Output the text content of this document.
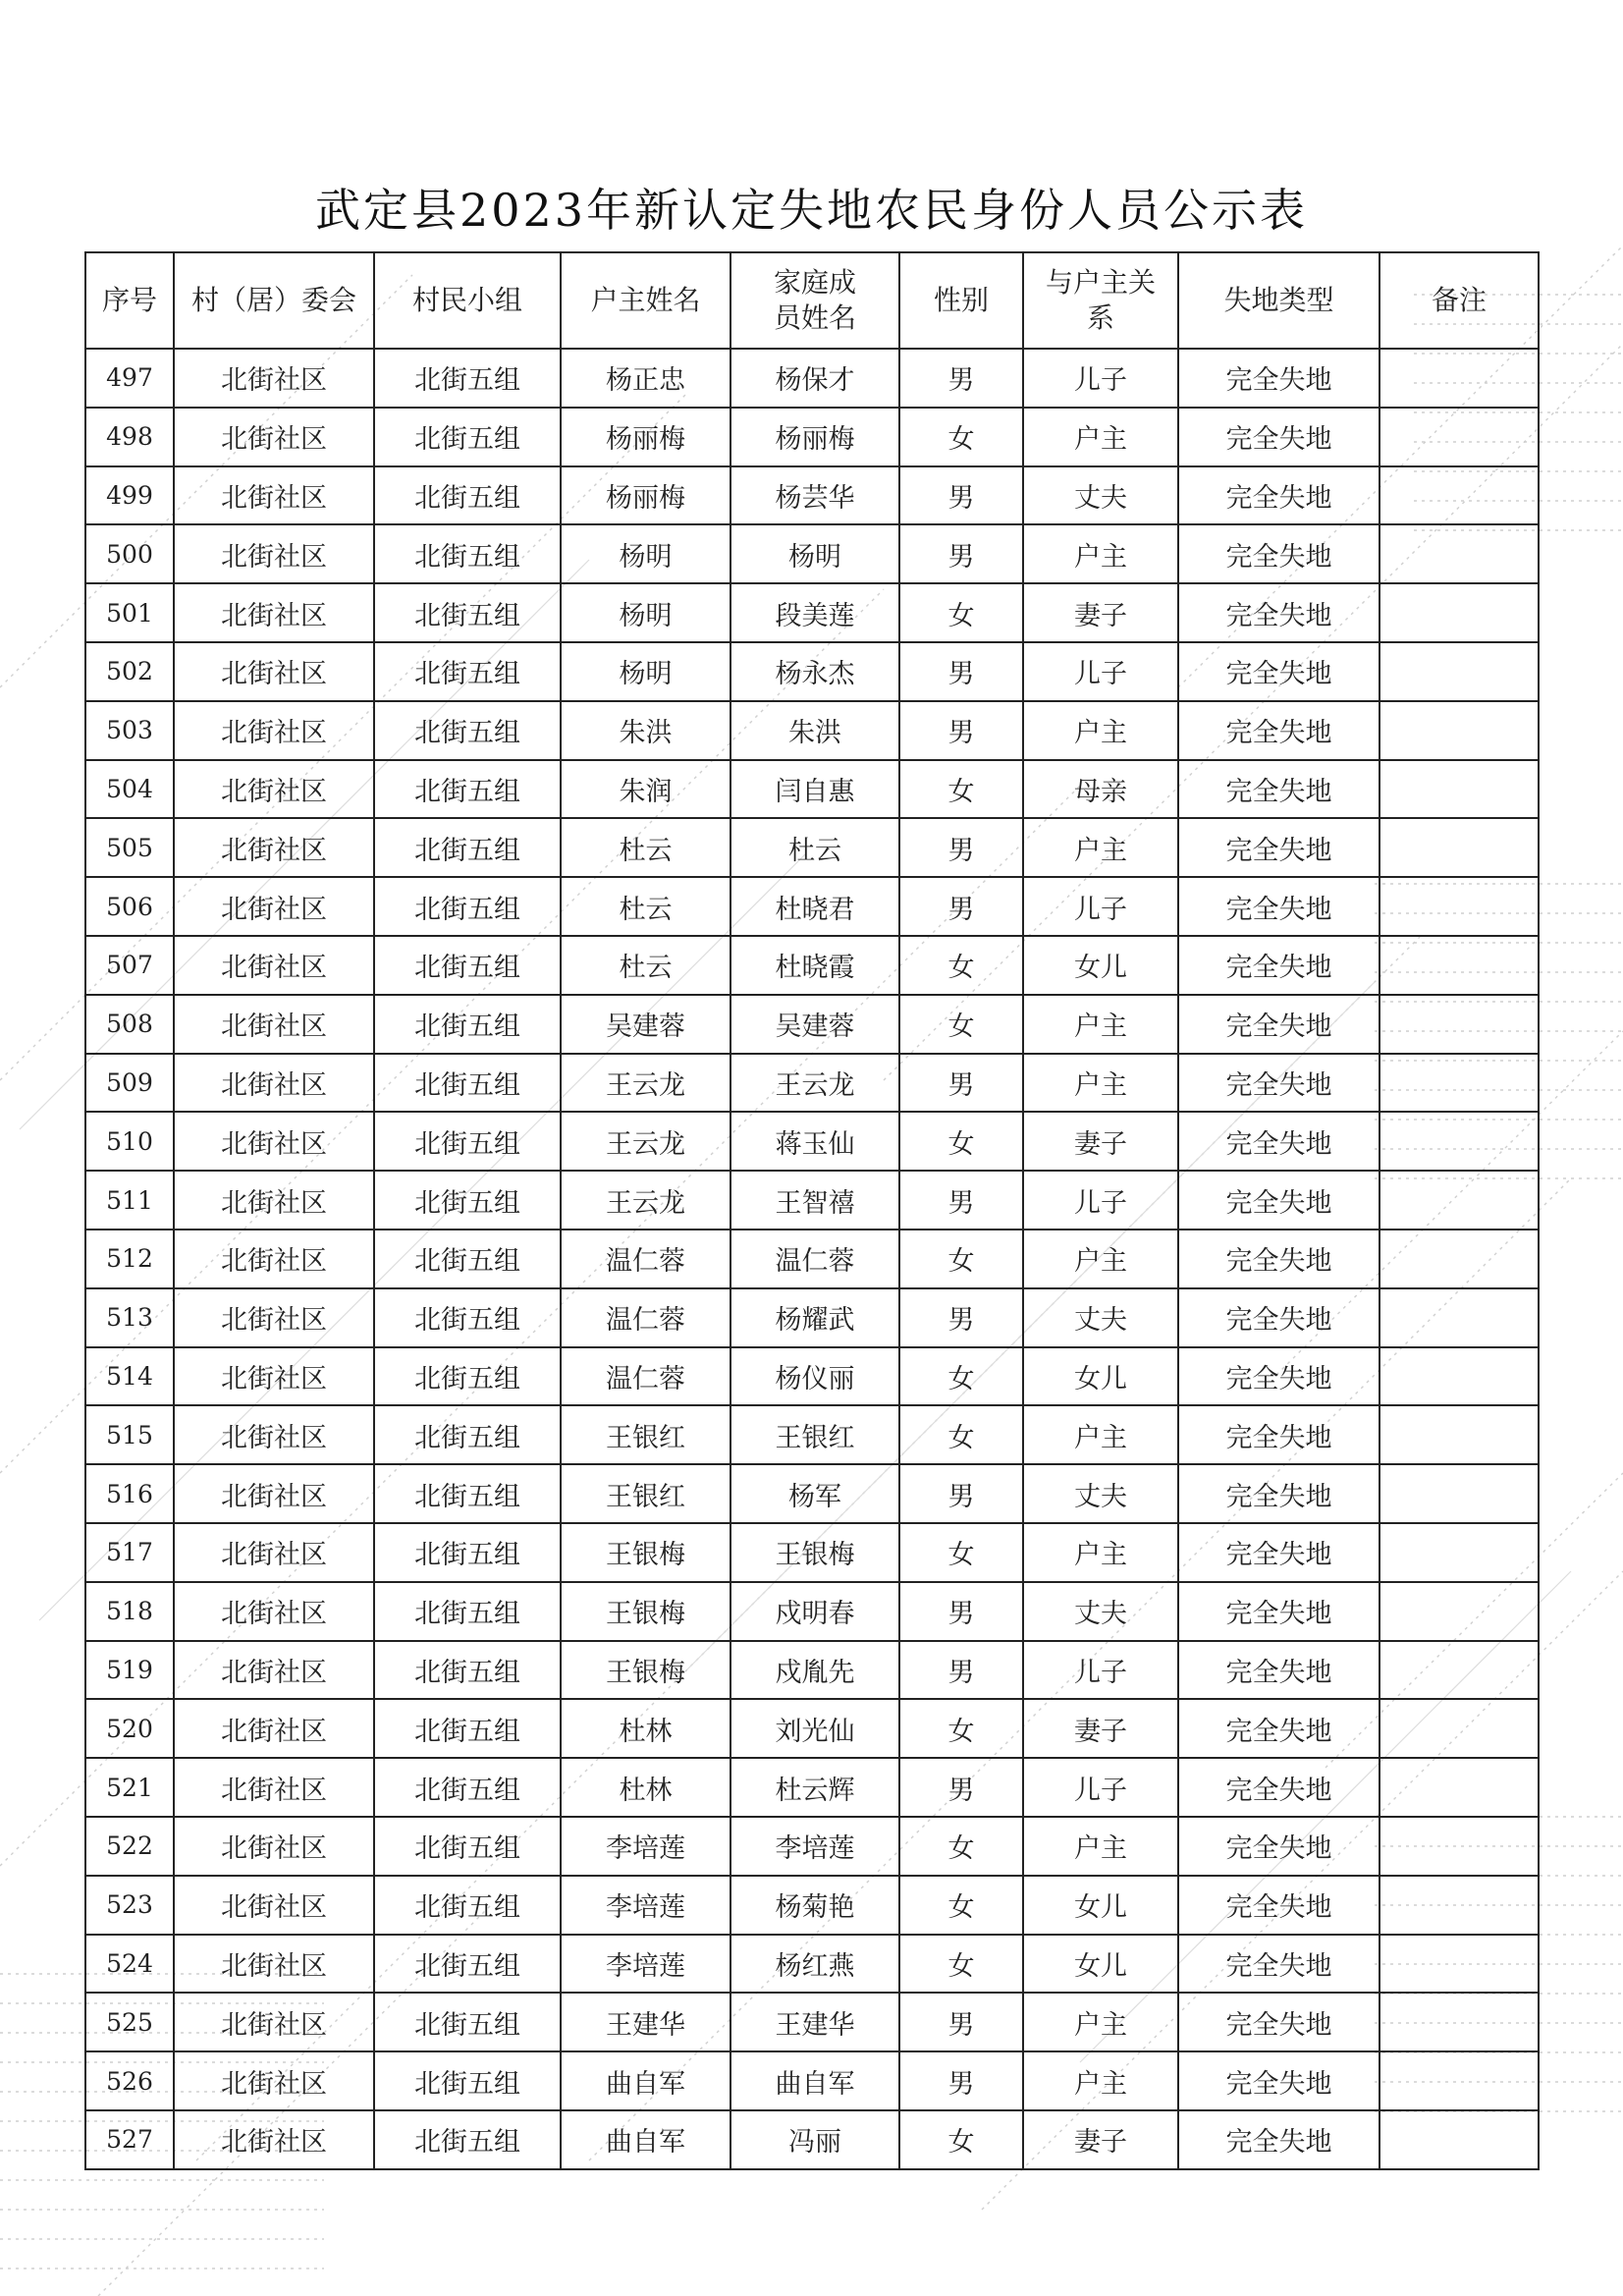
武定县2023年新认定失地农民身份人员公示表
序号	村（居）委会	村民小组	户主姓名	家庭成员姓名	性别	与户主关系	失地类型	备注
497	北街社区	北街五组	杨正忠	杨保才	男	儿子	完全失地	
498	北街社区	北街五组	杨丽梅	杨丽梅	女	户主	完全失地	
499	北街社区	北街五组	杨丽梅	杨芸华	男	丈夫	完全失地	
500	北街社区	北街五组	杨明	杨明	男	户主	完全失地	
501	北街社区	北街五组	杨明	段美莲	女	妻子	完全失地	
502	北街社区	北街五组	杨明	杨永杰	男	儿子	完全失地	
503	北街社区	北街五组	朱洪	朱洪	男	户主	完全失地	
504	北街社区	北街五组	朱润	闫自惠	女	母亲	完全失地	
505	北街社区	北街五组	杜云	杜云	男	户主	完全失地	
506	北街社区	北街五组	杜云	杜晓君	男	儿子	完全失地	
507	北街社区	北街五组	杜云	杜晓霞	女	女儿	完全失地	
508	北街社区	北街五组	吴建蓉	吴建蓉	女	户主	完全失地	
509	北街社区	北街五组	王云龙	王云龙	男	户主	完全失地	
510	北街社区	北街五组	王云龙	蒋玉仙	女	妻子	完全失地	
511	北街社区	北街五组	王云龙	王智禧	男	儿子	完全失地	
512	北街社区	北街五组	温仁蓉	温仁蓉	女	户主	完全失地	
513	北街社区	北街五组	温仁蓉	杨耀武	男	丈夫	完全失地	
514	北街社区	北街五组	温仁蓉	杨仪丽	女	女儿	完全失地	
515	北街社区	北街五组	王银红	王银红	女	户主	完全失地	
516	北街社区	北街五组	王银红	杨军	男	丈夫	完全失地	
517	北街社区	北街五组	王银梅	王银梅	女	户主	完全失地	
518	北街社区	北街五组	王银梅	戍明春	男	丈夫	完全失地	
519	北街社区	北街五组	王银梅	戍胤先	男	儿子	完全失地	
520	北街社区	北街五组	杜林	刘光仙	女	妻子	完全失地	
521	北街社区	北街五组	杜林	杜云辉	男	儿子	完全失地	
522	北街社区	北街五组	李培莲	李培莲	女	户主	完全失地	
523	北街社区	北街五组	李培莲	杨菊艳	女	女儿	完全失地	
524	北街社区	北街五组	李培莲	杨红燕	女	女儿	完全失地	
525	北街社区	北街五组	王建华	王建华	男	户主	完全失地	
526	北街社区	北街五组	曲自军	曲自军	男	户主	完全失地	
527	北街社区	北街五组	曲自军	冯丽	女	妻子	完全失地	
